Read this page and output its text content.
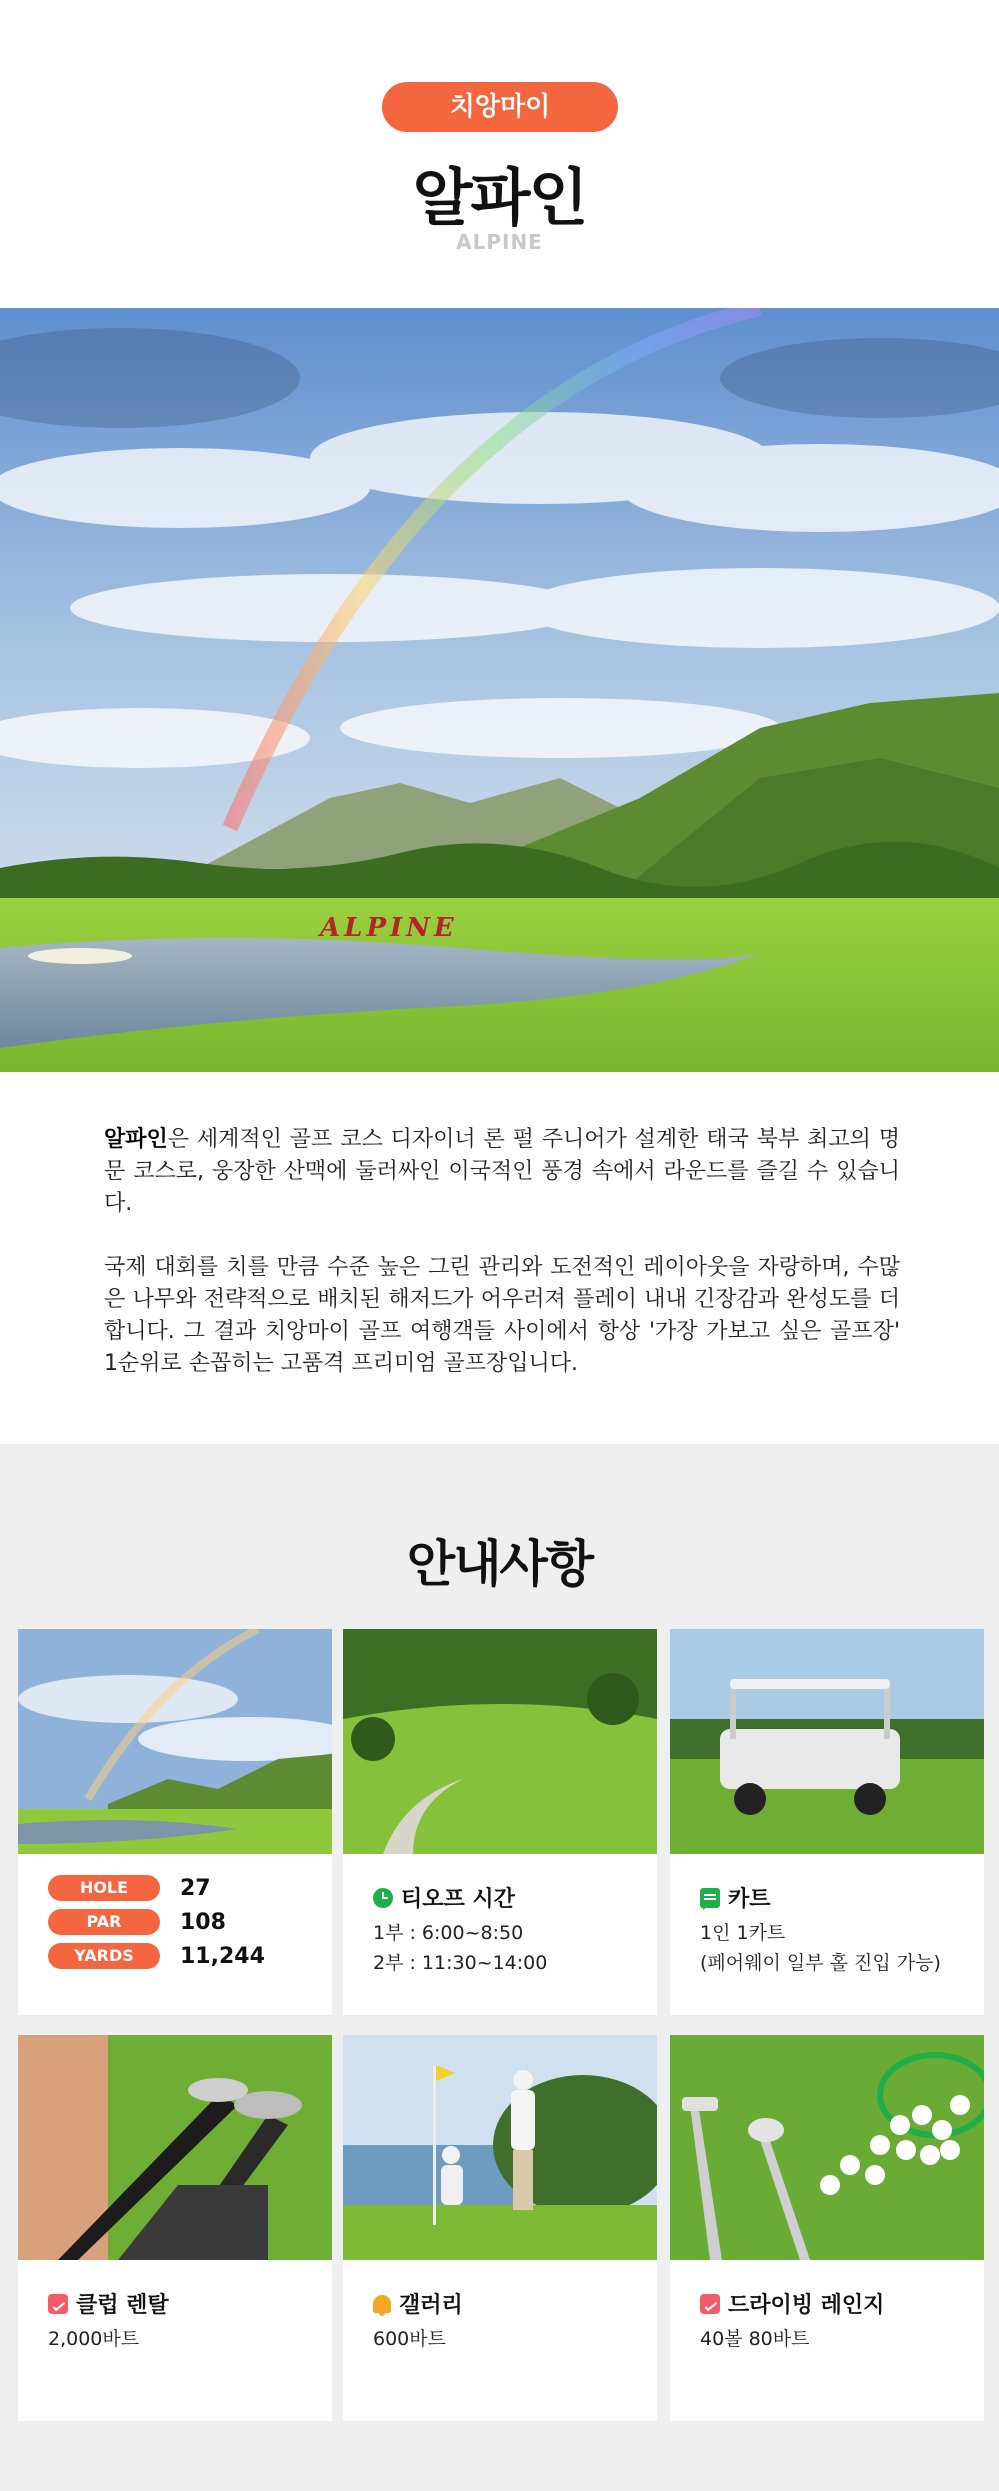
치앙마이
알파인
ALPINE
ALPINE

알파인은 세계적인 골프 코스 디자이너 론 펄 주니어가 설계한 태국 북부 최고의 명문 코스로, 웅장한 산맥에 둘러싸인 이국적인 풍경 속에서 라운드를 즐길 수 있습니다.

국제 대회를 치를 만큼 수준 높은 그린 관리와 도전적인 레이아웃을 자랑하며, 수많은 나무와 전략적으로 배치된 해저드가 어우러져 플레이 내내 긴장감과 완성도를 더합니다. 그 결과 치앙마이 골프 여행객들 사이에서 항상 '가장 가보고 싶은 골프장' 1순위로 손꼽히는 고품격 프리미엄 골프장입니다.

안내사항
HOLE	27
PAR	108
YARDS	11,244
티오프 시간
1부 : 6:00~8:50
2부 : 11:30~14:00
카트
1인 1카트
(페어웨이 일부 홀 진입 가능)
클럽 렌탈
2,000바트
갤러리
600바트
드라이빙 레인지
40볼 80바트
